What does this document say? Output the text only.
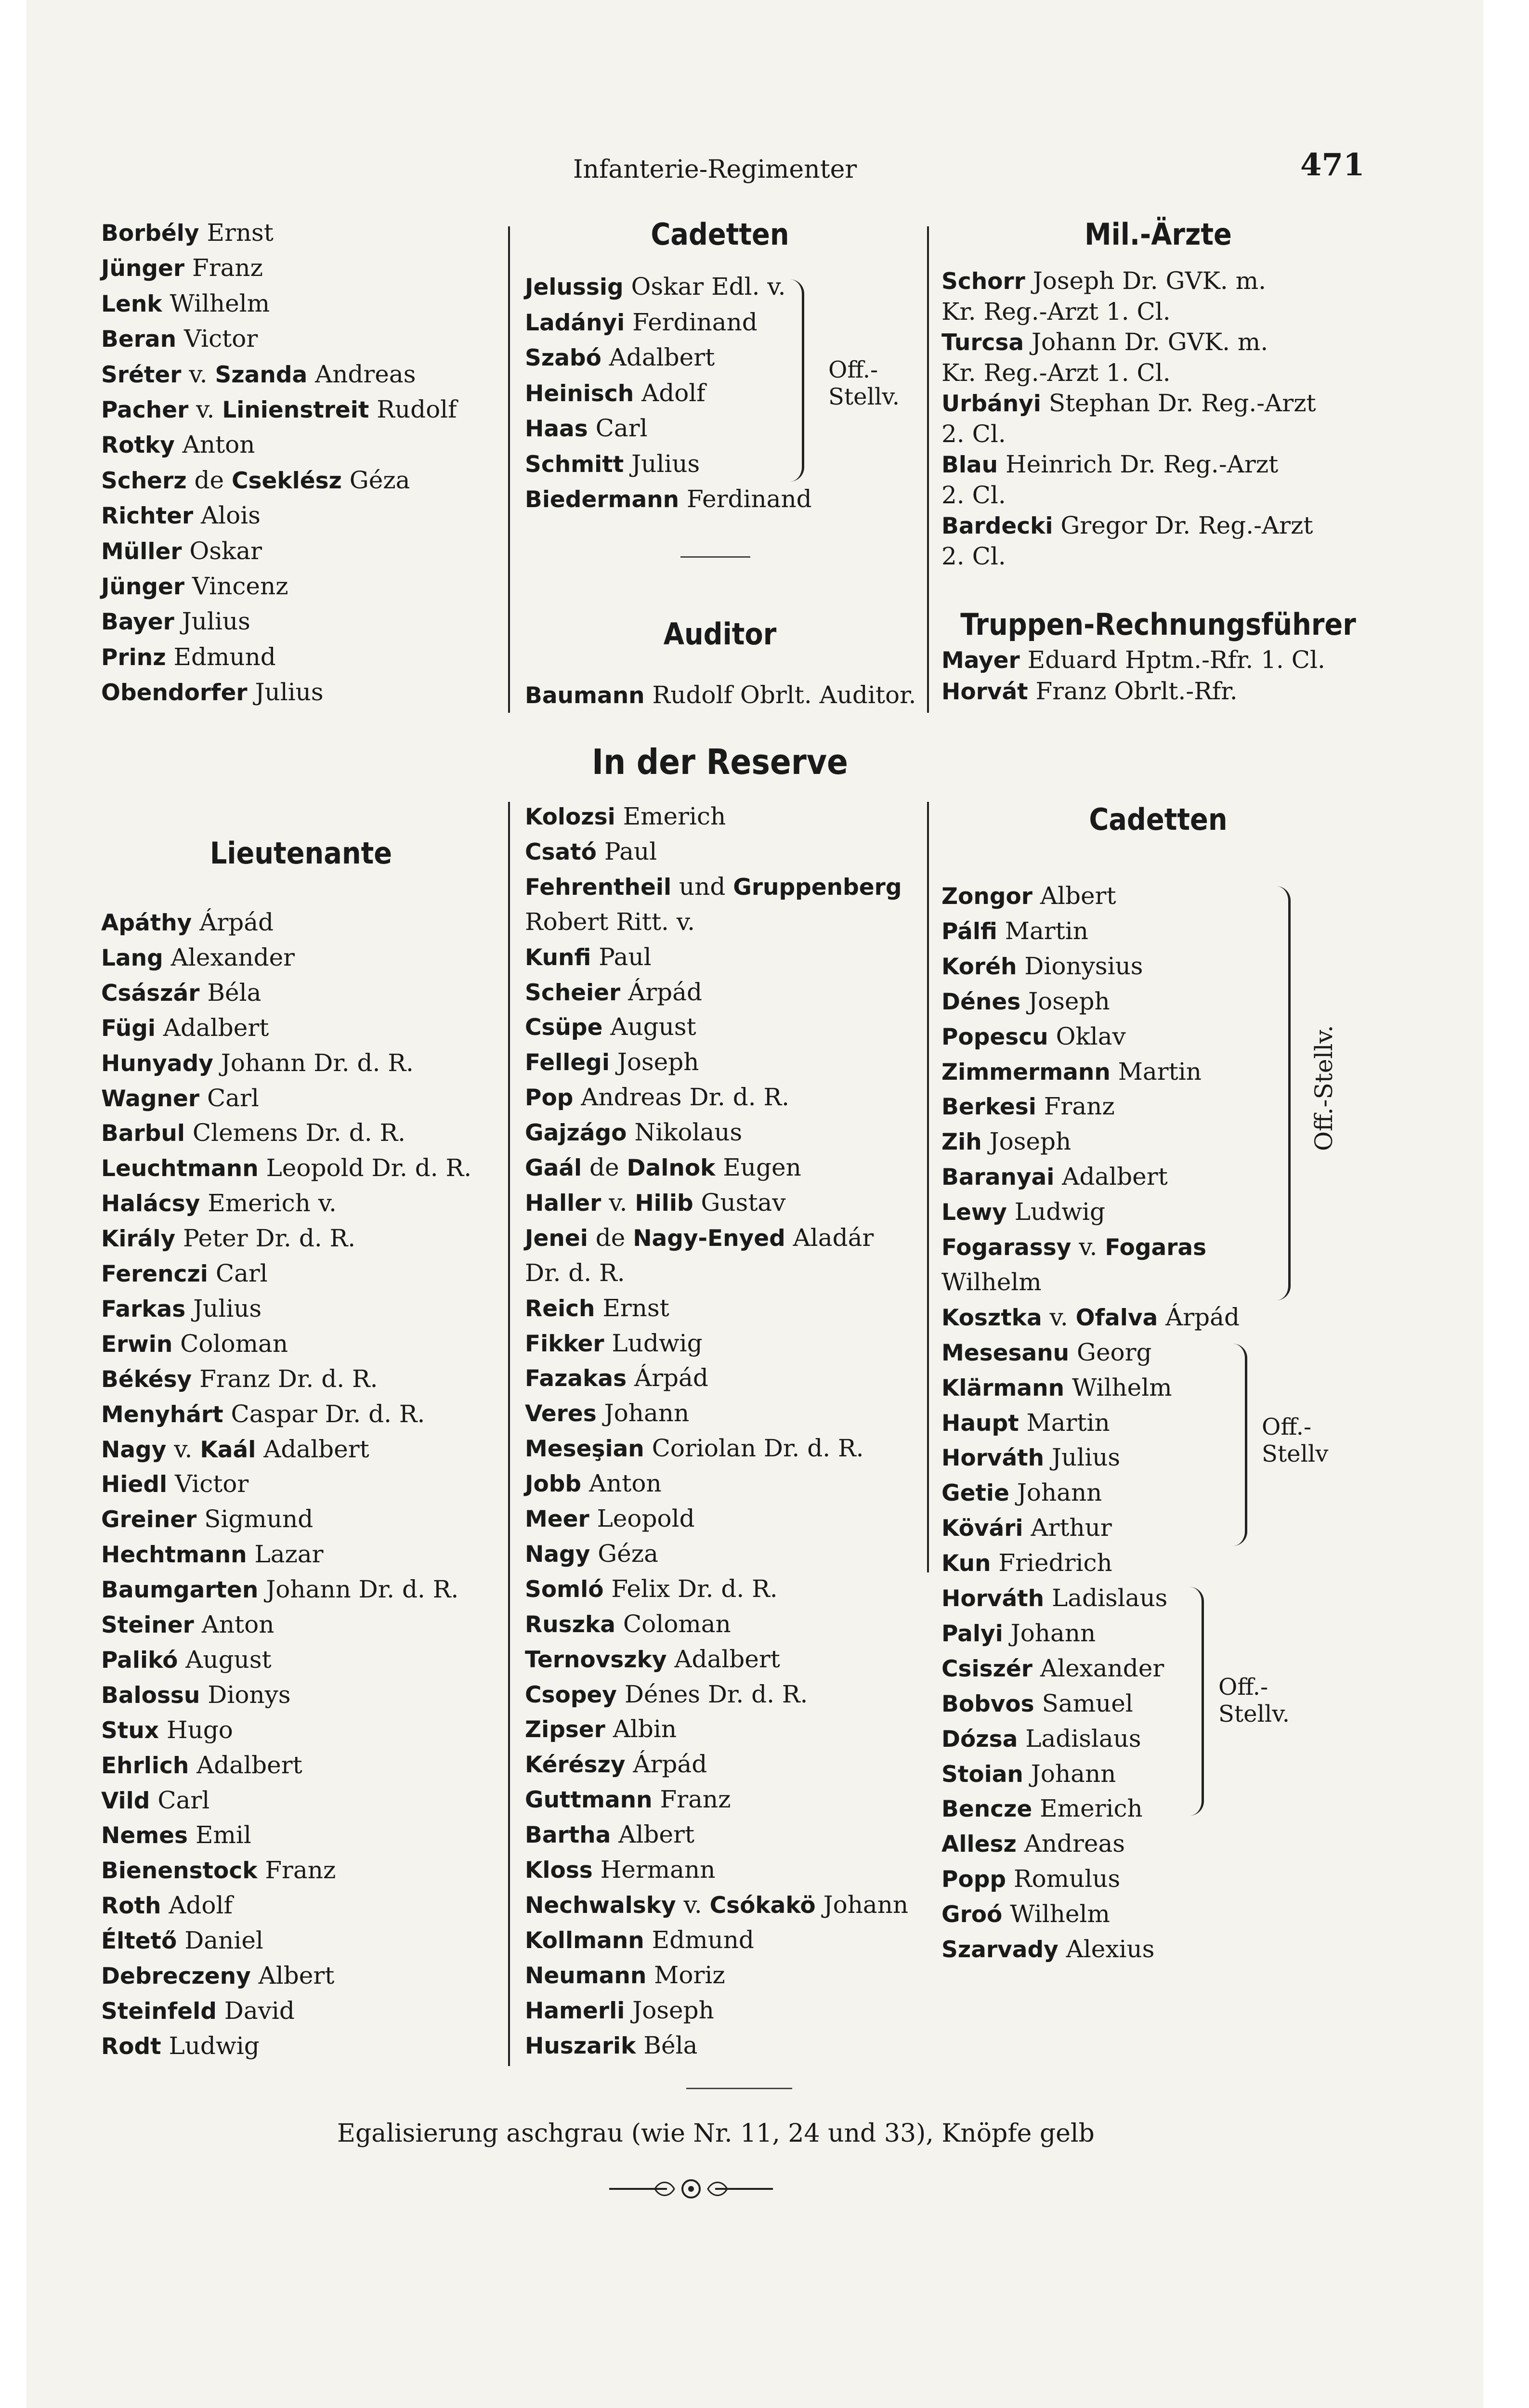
Infanterie-Regimenter	471
Borbély Ernst
Jünger Franz
Lenk Wilhelm
Beran Victor
Sréter v. Szanda Andreas
Pacher v. Linienstreit Rudolf
Rotky Anton
Scherz de Cseklész Géza
Richter Alois
Müller Oskar
Jünger Vincenz
Bayer Julius
Prinz Edmund
Obendorfer Julius
Cadetten
Jelussig Oskar Edl. v.
Ladányi Ferdinand
Szabó Adalbert
Heinisch Adolf
Haas Carl
Schmitt Julius
Biedermann Ferdinand
Off.-
Stellv.
Auditor
Baumann Rudolf Obrlt. Auditor.
Mil.-Ärzte
Schorr Joseph Dr. GVK. m.
Kr. Reg.-Arzt 1. Cl.
Turcsa Johann Dr. GVK. m.
Kr. Reg.-Arzt 1. Cl.
Urbányi Stephan Dr. Reg.-Arzt
2. Cl.
Blau Heinrich Dr. Reg.-Arzt
2. Cl.
Bardecki Gregor Dr. Reg.-Arzt
2. Cl.
Truppen-Rechnungsführer
Mayer Eduard Hptm.-Rfr. 1. Cl.
Horvát Franz Obrlt.-Rfr.
In der Reserve
Lieutenante
Apáthy Árpád
Lang Alexander
Császár Béla
Fügi Adalbert
Hunyady Johann Dr. d. R.
Wagner Carl
Barbul Clemens Dr. d. R.
Leuchtmann Leopold Dr. d. R.
Halácsy Emerich v.
Király Peter Dr. d. R.
Ferenczi Carl
Farkas Julius
Erwin Coloman
Békésy Franz Dr. d. R.
Menyhárt Caspar Dr. d. R.
Nagy v. Kaál Adalbert
Hiedl Victor
Greiner Sigmund
Hechtmann Lazar
Baumgarten Johann Dr. d. R.
Steiner Anton
Palikó August
Balossu Dionys
Stux Hugo
Ehrlich Adalbert
Vild Carl
Nemes Emil
Bienenstock Franz
Roth Adolf
Éltető Daniel
Debreczeny Albert
Steinfeld David
Rodt Ludwig
Kolozsi Emerich
Csató Paul
Fehrentheil und Gruppenberg
Robert Ritt. v.
Kunfi Paul
Scheier Árpád
Csüpe August
Fellegi Joseph
Pop Andreas Dr. d. R.
Gajzágo Nikolaus
Gaál de Dalnok Eugen
Haller v. Hilib Gustav
Jenei de Nagy-Enyed Aladár
Dr. d. R.
Reich Ernst
Fikker Ludwig
Fazakas Árpád
Veres Johann
Meseşian Coriolan Dr. d. R.
Jobb Anton
Meer Leopold
Nagy Géza
Somló Felix Dr. d. R.
Ruszka Coloman
Ternovszky Adalbert
Csopey Dénes Dr. d. R.
Zipser Albin
Kérészy Árpád
Guttmann Franz
Bartha Albert
Kloss Hermann
Nechwalsky v. Csókakö Johann
Kollmann Edmund
Neumann Moriz
Hamerli Joseph
Huszarik Béla
Cadetten
Zongor Albert
Pálfi Martin
Koréh Dionysius
Dénes Joseph
Popescu Oklav
Zimmermann Martin
Berkesi Franz
Zih Joseph
Baranyai Adalbert
Lewy Ludwig
Fogarassy v. Fogaras
Wilhelm
Kosztka v. Ofalva Árpád
Mesesanu Georg
Klärmann Wilhelm
Haupt Martin
Horváth Julius
Getie Johann
Kövári Arthur
Kun Friedrich
Horváth Ladislaus
Palyi Johann
Csiszér Alexander
Bobvos Samuel
Dózsa Ladislaus
Stoian Johann
Bencze Emerich
Allesz Andreas
Popp Romulus
Groó Wilhelm
Szarvady Alexius
Off.-Stellv.
Off.-
Stellv
Off.-
Stellv.
Egalisierung aschgrau (wie Nr. 11, 24 und 33), Knöpfe gelb
